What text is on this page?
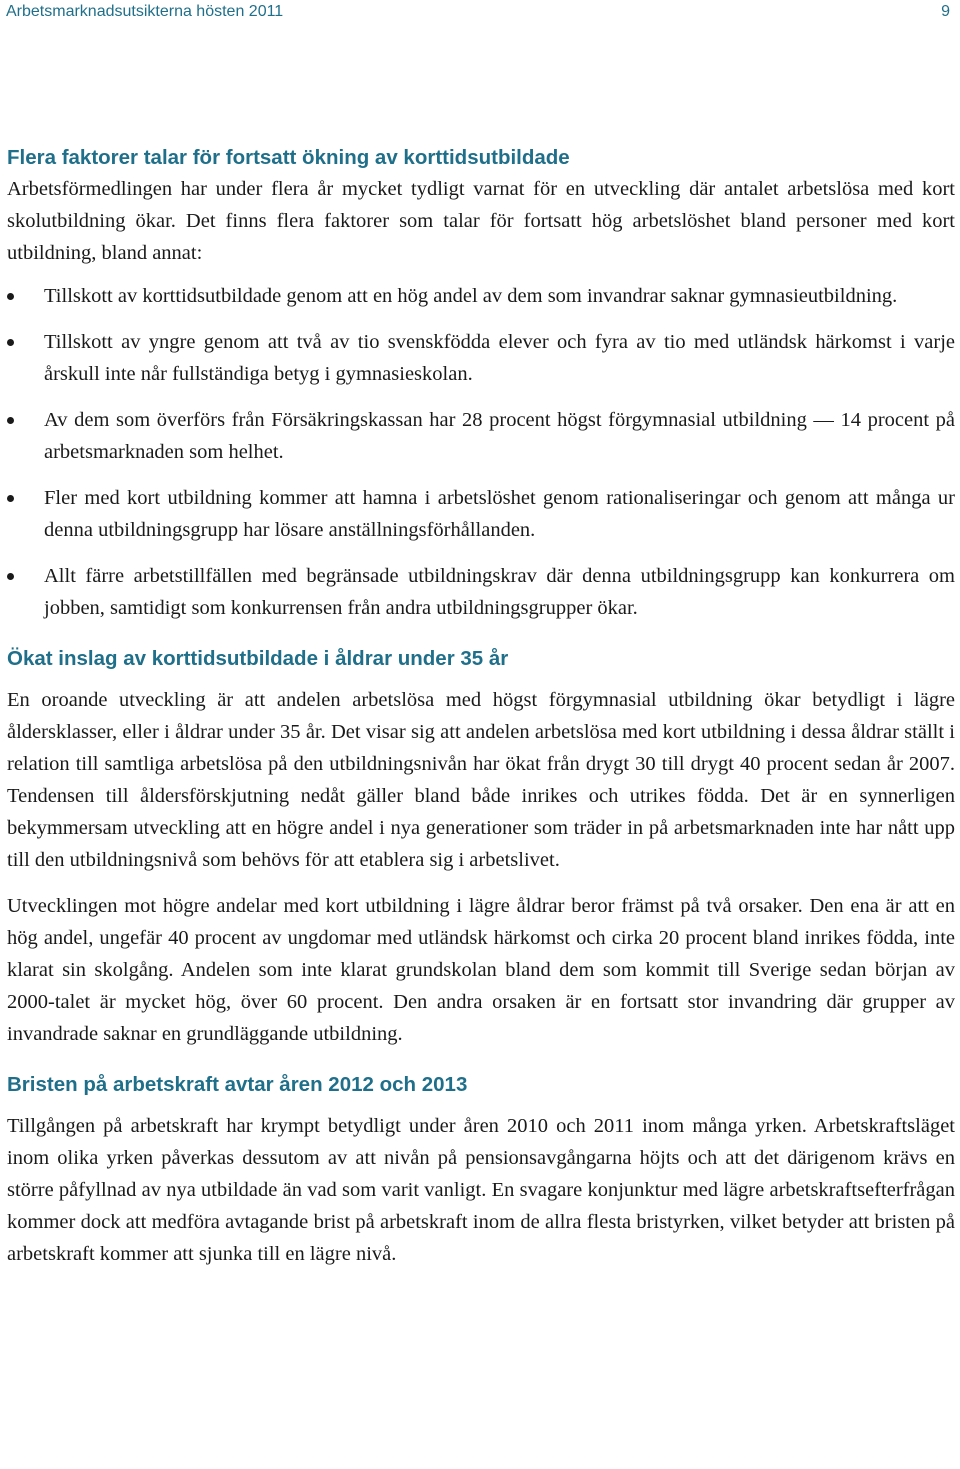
Arbetsmarknadsutsikterna hösten 2011	9
Flera faktorer talar för fortsatt ökning av korttidsutbildade

Arbetsförmedlingen har under flera år mycket tydligt varnat för en utveckling där antalet arbetslösa med kort skolutbildning ökar. Det finns flera faktorer som talar för fortsatt hög arbetslöshet bland personer med kort utbildning, bland annat:

Tillskott av korttidsutbildade genom att en hög andel av dem som invandrar saknar gymnasieutbildning.
Tillskott av yngre genom att två av tio svenskfödda elever och fyra av tio med utländsk härkomst i varje årskull inte når fullständiga betyg i gymnasieskolan.
Av dem som överförs från Försäkringskassan har 28 procent högst förgymnasial utbildning — 14 procent på arbetsmarknaden som helhet.
Fler med kort utbildning kommer att hamna i arbetslöshet genom rationaliseringar och genom att många ur denna utbildningsgrupp har lösare anställningsförhållanden.
Allt färre arbetstillfällen med begränsade utbildningskrav där denna utbildningsgrupp kan konkurrera om jobben, samtidigt som konkurrensen från andra utbildningsgrupper ökar.
Ökat inslag av korttidsutbildade i åldrar under 35 år

En oroande utveckling är att andelen arbetslösa med högst förgymnasial utbildning ökar betydligt i lägre åldersklasser, eller i åldrar under 35 år. Det visar sig att andelen arbetslösa med kort utbildning i dessa åldrar ställt i relation till samtliga arbetslösa på den utbildningsnivån har ökat från drygt 30 till drygt 40 procent sedan år 2007. Tendensen till åldersförskjutning nedåt gäller bland både inrikes och utrikes födda. Det är en synnerligen bekymmersam utveckling att en högre andel i nya generationer som träder in på arbetsmarknaden inte har nått upp till den utbildningsnivå som behövs för att etablera sig i arbetslivet.

Utvecklingen mot högre andelar med kort utbildning i lägre åldrar beror främst på två orsaker. Den ena är att en hög andel, ungefär 40 procent av ungdomar med utländsk härkomst och cirka 20 procent bland inrikes födda, inte klarat sin skolgång. Andelen som inte klarat grundskolan bland dem som kommit till Sverige sedan början av 2000-talet är mycket hög, över 60 procent. Den andra orsaken är en fortsatt stor invandring där grupper av invandrade saknar en grundläggande utbildning.

Bristen på arbetskraft avtar åren 2012 och 2013

Tillgången på arbetskraft har krympt betydligt under åren 2010 och 2011 inom många yrken. Arbetskraftsläget inom olika yrken påverkas dessutom av att nivån på pensionsavgångarna höjts och att det därigenom krävs en större påfyllnad av nya utbildade än vad som varit vanligt. En svagare konjunktur med lägre arbetskraftsefterfrågan kommer dock att medföra avtagande brist på arbetskraft inom de allra flesta bristyrken, vilket betyder att bristen på arbetskraft kommer att sjunka till en lägre nivå.
